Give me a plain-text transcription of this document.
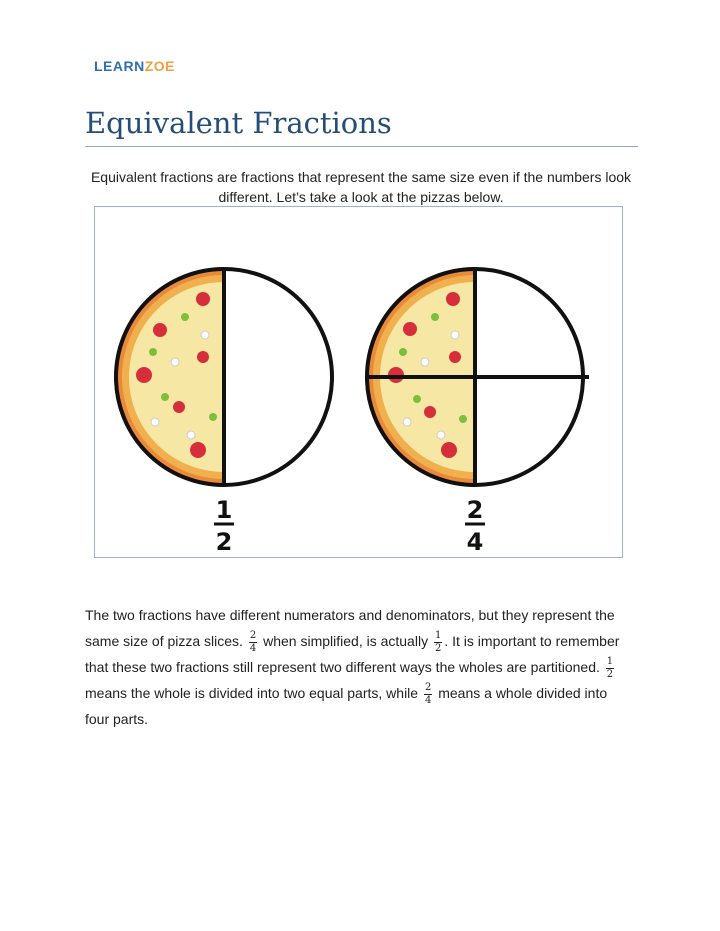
LEARNZOE
Equivalent Fractions
Equivalent fractions are fractions that represent the same size even if the numbers look different. Let’s take a look at the pizzas below.
1
2
2
4
The two fractions have different numerators and denominators, but they represent the same size of pizza slices. $\frac{2}{4}$ when simplified, is actually $\frac{1}{2}$ . It is important to remember that these two fractions still represent two different ways the wholes are partitioned. $\frac{1}{2}$
means the whole is divided into two equal parts, while $\frac{2}{4}$ means a whole divided into four parts.
